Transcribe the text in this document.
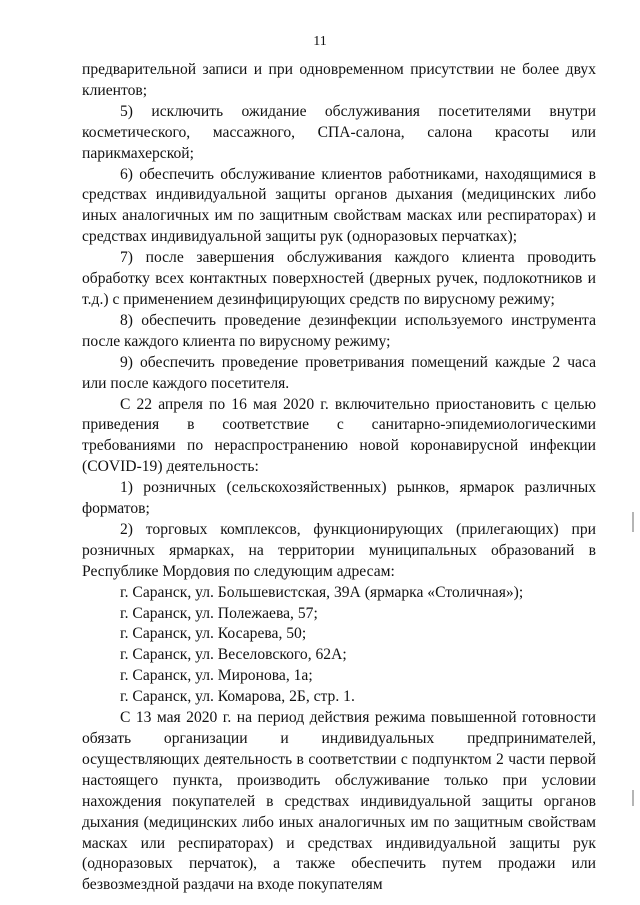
11

предварительной записи и при одновременном присутствии не более двух клиентов;

5) исключить ожидание обслуживания посетителями внутри косметического, массажного, СПА-салона, салона красоты или парикмахерской;

6) обеспечить обслуживание клиентов работниками, находящимися в средствах индивидуальной защиты органов дыхания (медицинских либо иных аналогичных им по защитным свойствам масках или респираторах) и средствах индивидуальной защиты рук (одноразовых перчатках);

7) после завершения обслуживания каждого клиента проводить обработку всех контактных поверхностей (дверных ручек, подлокотников и т.д.) с применением дезинфицирующих средств по вирусному режиму;

8) обеспечить проведение дезинфекции используемого инструмента после каждого клиента по вирусному режиму;

9) обеспечить проведение проветривания помещений каждые 2 часа или после каждого посетителя.

С 22 апреля по 16 мая 2020 г. включительно приостановить с целью приведения в соответствие с санитарно-эпидемиологическими требованиями по нераспространению новой коронавирусной инфекции (COVID-19) деятельность:

1) розничных (сельскохозяйственных) рынков, ярмарок различных форматов;

2) торговых комплексов, функционирующих (прилегающих) при розничных ярмарках, на территории муниципальных образований в Республике Мордовия по следующим адресам:

г. Саранск, ул. Большевистская, 39А (ярмарка «Столичная»);
г. Саранск, ул. Полежаева, 57;
г. Саранск, ул. Косарева, 50;
г. Саранск, ул. Веселовского, 62А;
г. Саранск, ул. Миронова, 1а;
г. Саранск, ул. Комарова, 2Б, стр. 1.

С 13 мая 2020 г. на период действия режима повышенной готовности обязать организации и индивидуальных предпринимателей, осуществляющих деятельность в соответствии с подпунктом 2 части первой настоящего пункта, производить обслуживание только при условии нахождения покупателей в средствах индивидуальной защиты органов дыхания (медицинских либо иных аналогичных им по защитным свойствам масках или респираторах) и средствах индивидуальной защиты рук (одноразовых перчаток), а также обеспечить путем продажи или безвозмездной раздачи на входе покупателям
